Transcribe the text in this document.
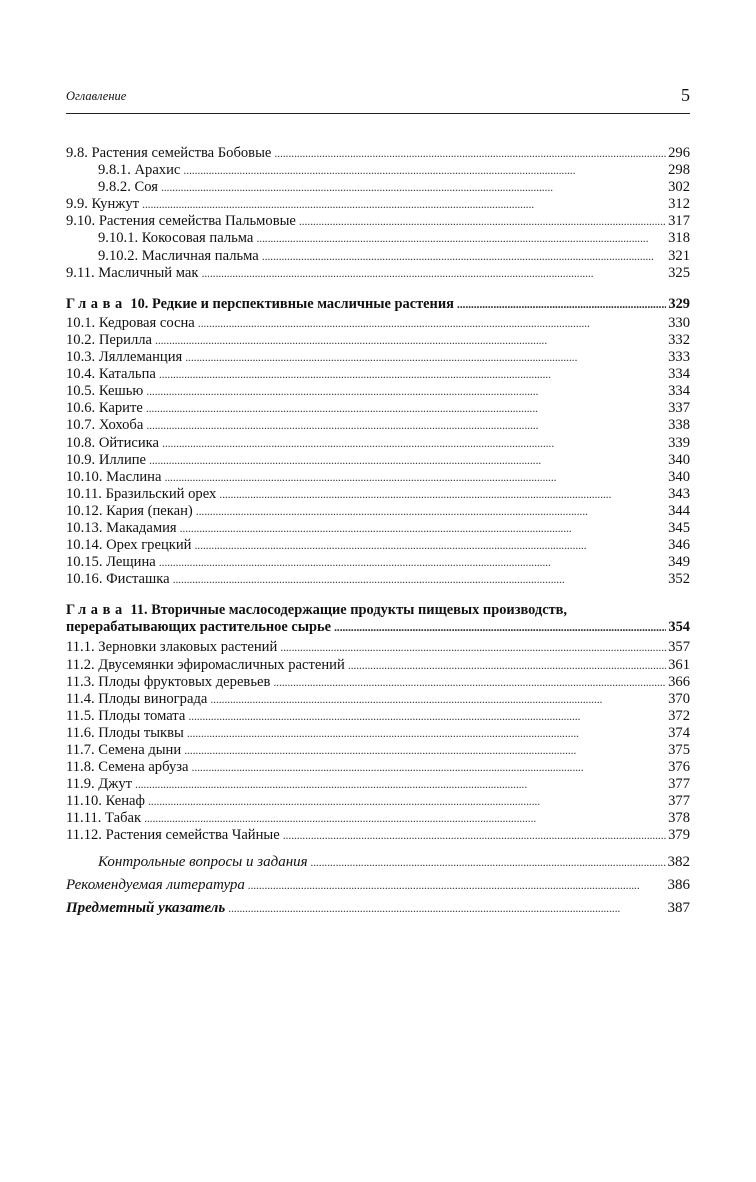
Оглавление	5
9.8. Растения семейства Бобовые . . .	296
9.8.1. Арахис . . .	298
9.8.2. Соя . . .	302
9.9. Кунжут . . .	312
9.10. Растения семейства Пальмовые . . .	317
9.10.1. Кокосовая пальма . . .	318
9.10.2. Масличная пальма . . .	321
9.11. Масличный мак . . .	325
Глава 10. Редкие и перспективные масличные растения . . .	329
10.1. Кедровая сосна . . .	330
10.2. Перилла . . .	332
10.3. Ляллеманция . . .	333
10.4. Катальпа . . .	334
10.5. Кешью . . .	334
10.6. Карите . . .	337
10.7. Хохоба . . .	338
10.8. Ойтисика . . .	339
10.9. Иллипе . . .	340
10.10. Маслина . . .	340
10.11. Бразильский орех . . .	343
10.12. Кария (пекан) . . .	344
10.13. Макадамия . . .	345
10.14. Орех грецкий . . .	346
10.15. Лещина . . .	349
10.16. Фисташка . . .	352
Глава 11. Вторичные маслосодержащие продукты пищевых производств,
перерабатывающих растительное сырье . . .	354
11.1. Зерновки злаковых растений . . .	357
11.2. Двусемянки эфиромасличных растений . . .	361
11.3. Плоды фруктовых деревьев . . .	366
11.4. Плоды винограда . . .	370
11.5. Плоды томата . . .	372
11.6. Плоды тыквы . . .	374
11.7. Семена дыни . . .	375
11.8. Семена арбуза . . .	376
11.9. Джут . . .	377
11.10. Кенаф . . .	377
11.11. Табак . . .	378
11.12. Растения семейства Чайные . . .	379
Контрольные вопросы и задания . . .	382
Рекомендуемая литература . . .	386
Предметный указатель . . .	387
